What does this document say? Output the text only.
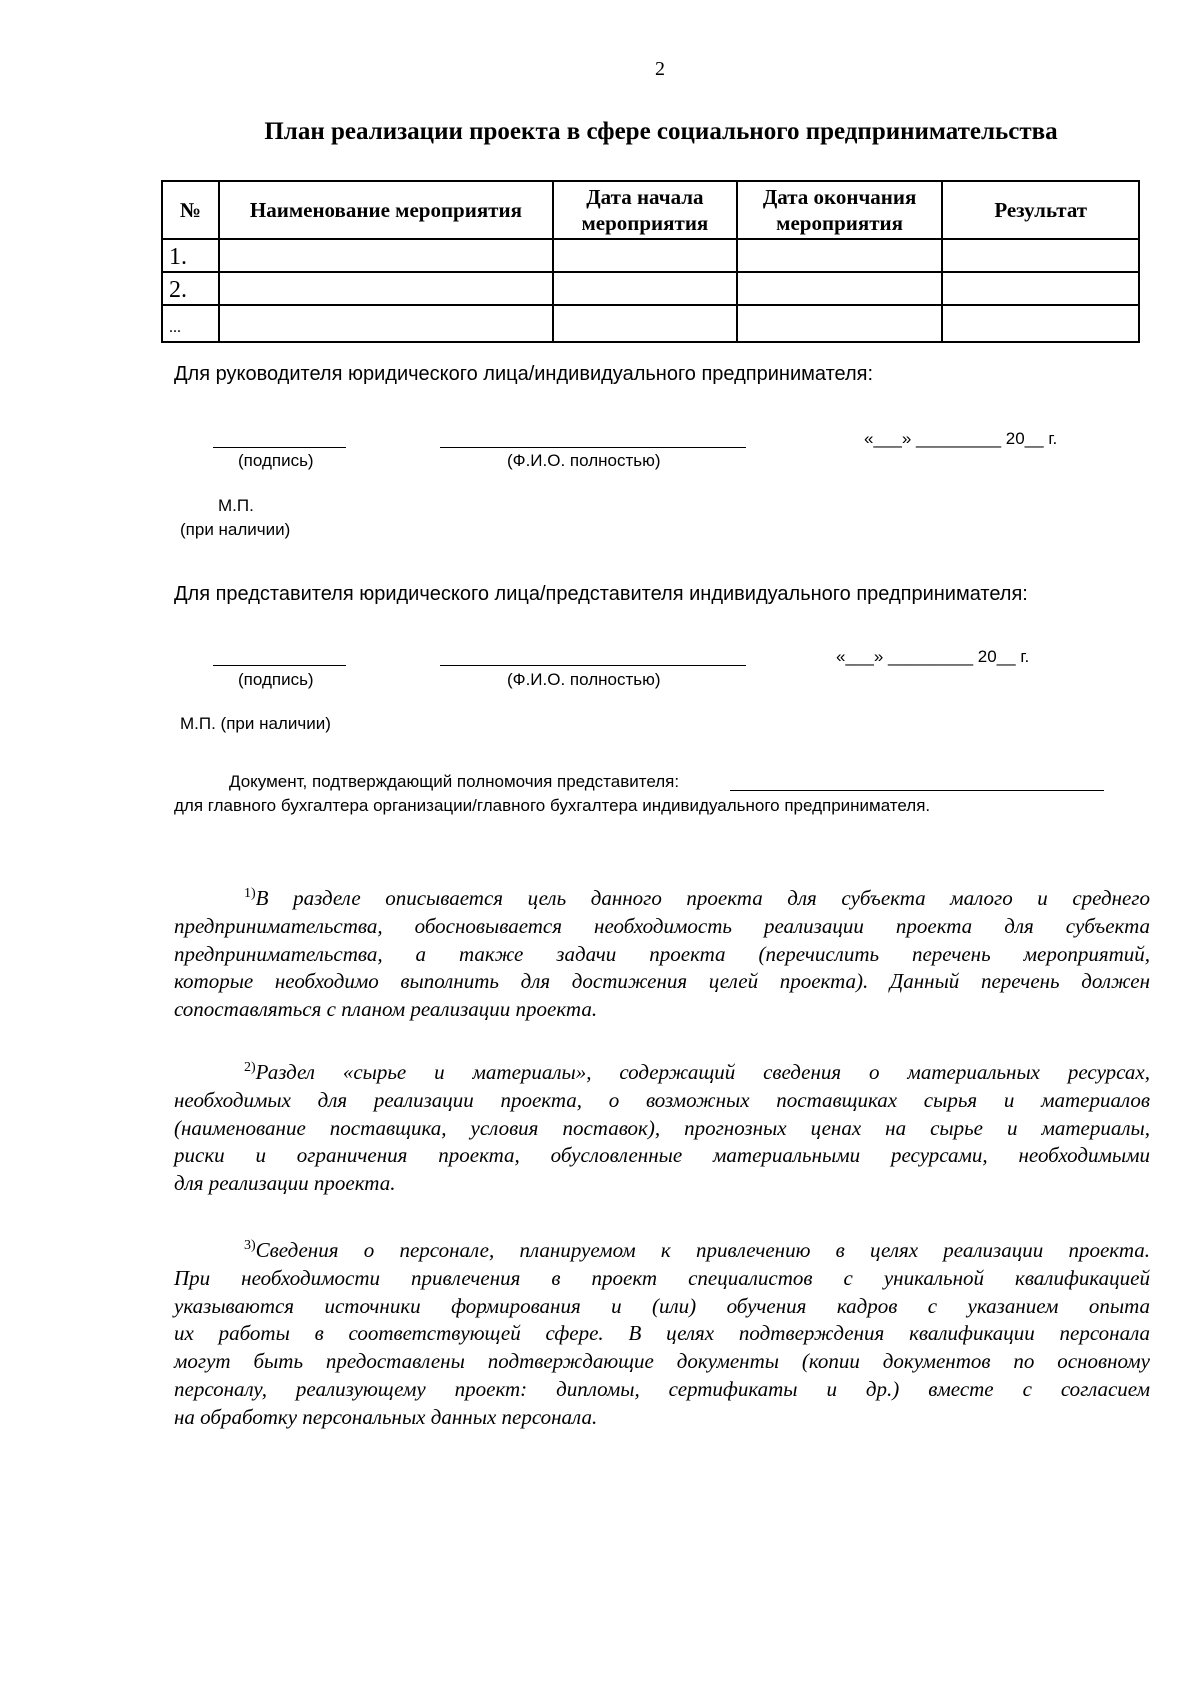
2
План реализации проекта в сфере социального предпринимательства
№	Наименование мероприятия	Дата начала мероприятия	Дата окончания мероприятия	Результат
1.				
2.				
...				
Для руководителя юридического лица/индивидуального предпринимателя:
«___» _________ 20__ г.
(подпись)	(Ф.И.О. полностью)
М.П.
(при наличии)
Для представителя юридического лица/представителя индивидуального предпринимателя:
«___» _________ 20__ г.
(подпись)	(Ф.И.О. полностью)
М.П. (при наличии)
Документ, подтверждающий полномочия представителя:
для главного бухгалтера организации/главного бухгалтера индивидуального предпринимателя.
$^{1)}$В разделе описывается цель данного проекта для субъекта малого и среднего
предпринимательства, обосновывается необходимость реализации проекта для субъекта
предпринимательства, а также задачи проекта (перечислить перечень мероприятий,
которые необходимо выполнить для достижения целей проекта). Данный перечень должен
сопоставляться с планом реализации проекта.
$^{2)}$Раздел «сырье и материалы», содержащий сведения о материальных ресурсах,
необходимых для реализации проекта, о возможных поставщиках сырья и материалов
(наименование поставщика, условия поставок), прогнозных ценах на сырье и материалы,
риски и ограничения проекта, обусловленные материальными ресурсами, необходимыми
для реализации проекта.
$^{3)}$Сведения о персонале, планируемом к привлечению в целях реализации проекта.
При необходимости привлечения в проект специалистов с уникальной квалификацией
указываются источники формирования и (или) обучения кадров с указанием опыта
их работы в соответствующей сфере. В целях подтверждения квалификации персонала
могут быть предоставлены подтверждающие документы (копии документов по основному
персоналу, реализующему проект: дипломы, сертификаты и др.) вместе с согласием
на обработку персональных данных персонала.
